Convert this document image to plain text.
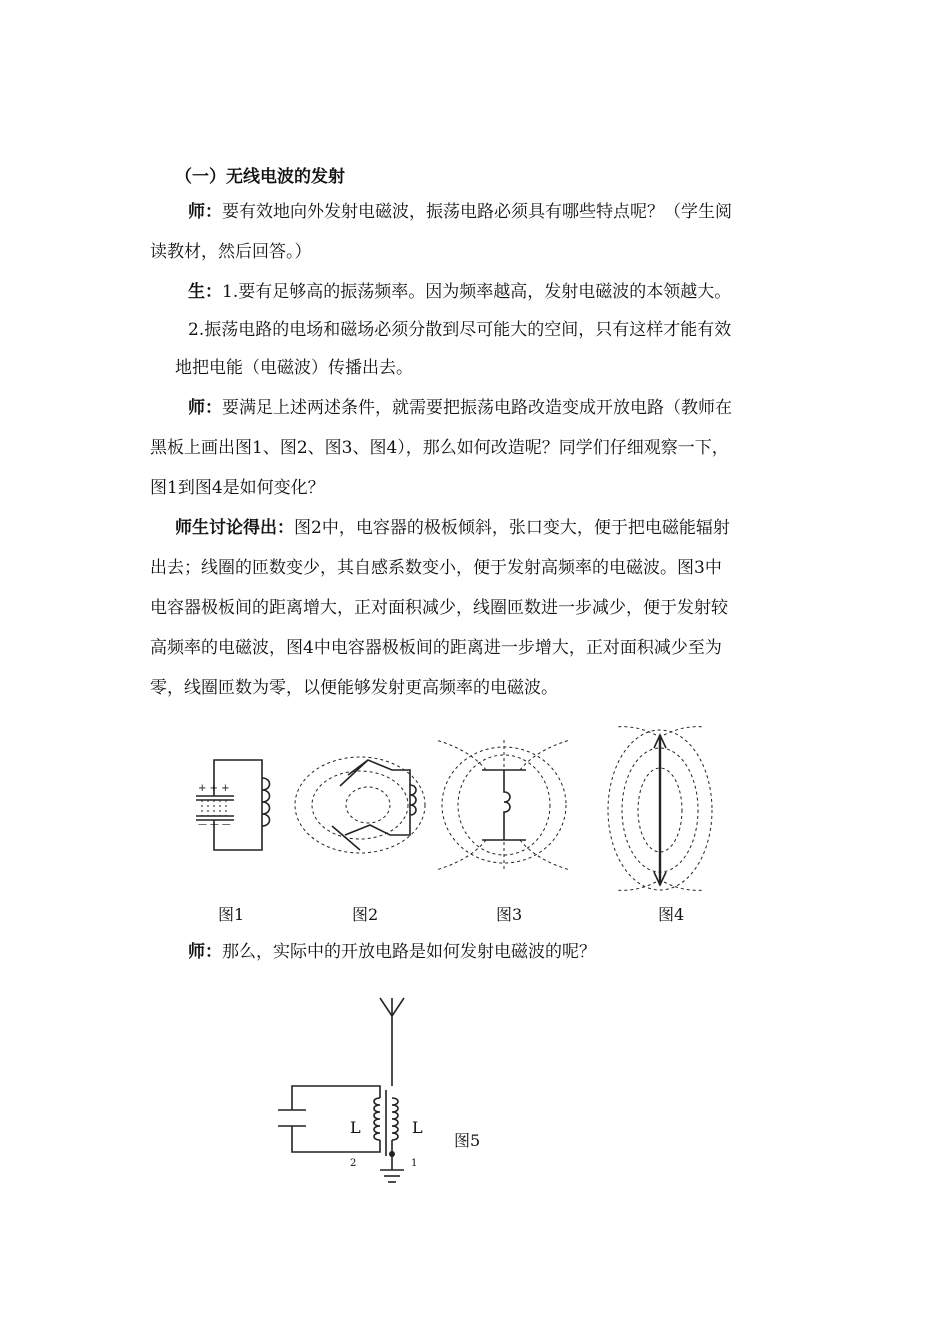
（一）无线电波的发射
师：要有效地向外发射电磁波，振荡电路必须具有哪些特点呢？（学生阅
读教材，然后回答。）
生：1.要有足够高的振荡频率。因为频率越高，发射电磁波的本领越大。
2.振荡电路的电场和磁场必须分散到尽可能大的空间，只有这样才能有效
地把电能（电磁波）传播出去。
师：要满足上述两述条件，就需要把振荡电路改造变成开放电路（教师在
黑板上画出图1、图2、图3、图4），那么如何改造呢？同学们仔细观察一下，
图1到图4是如何变化？
师生讨论得出：图2中，电容器的极板倾斜，张口变大，便于把电磁能辐射
出去；线圈的匝数变少，其自感系数变小，便于发射高频率的电磁波。图3中
电容器极板间的距离增大，正对面积减少，线圈匝数进一步减少，便于发射较
高频率的电磁波，图4中电容器极板间的距离进一步增大，正对面积减少至为
零，线圈匝数为零，以便能够发射更高频率的电磁波。
+ + +
— — —
图1	图2	图3	图4
师：那么，实际中的开放电路是如何发射电磁波的呢？
L	L
2	1
图5
